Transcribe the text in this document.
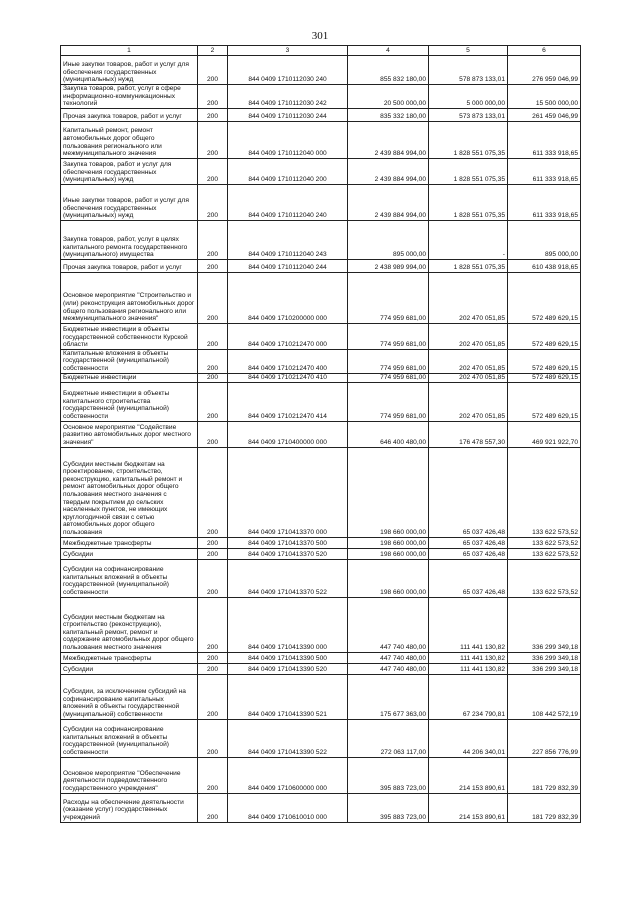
301
1	2	3	4	5	6
Иные закупки товаров, работ и услуг для обеспечения государственных (муниципальных) нужд	200	844 0409 1710112030 240	855 832 180,00	578 873 133,01	276 959 046,99
Закупка товаров, работ, услуг в сфере информационно-коммуникационных технологий	200	844 0409 1710112030 242	20 500 000,00	5 000 000,00	15 500 000,00
Прочая закупка товаров, работ и услуг	200	844 0409 1710112030 244	835 332 180,00	573 873 133,01	261 459 046,99
Капитальный ремонт, ремонт автомобильных дорог общего пользования регионального или межмуниципального значения	200	844 0409 1710112040 000	2 439 884 994,00	1 828 551 075,35	611 333 918,65
Закупка товаров, работ и услуг для обеспечения государственных (муниципальных) нужд	200	844 0409 1710112040 200	2 439 884 994,00	1 828 551 075,35	611 333 918,65
Иные закупки товаров, работ и услуг для обеспечения государственных (муниципальных) нужд	200	844 0409 1710112040 240	2 439 884 994,00	1 828 551 075,35	611 333 918,65
Закупка товаров, работ, услуг в целях капитального ремонта государственного (муниципального) имущества	200	844 0409 1710112040 243	895 000,00	-	895 000,00
Прочая закупка товаров, работ и услуг	200	844 0409 1710112040 244	2 438 989 994,00	1 828 551 075,35	610 438 918,65
Основное мероприятие "Строительство и (или) реконструкция автомобильных дорог общего пользования регионального или межмуниципального значения"	200	844 0409 1710200000 000	774 959 681,00	202 470 051,85	572 489 629,15
Бюджетные инвестиции в объекты государственной собственности Курской области	200	844 0409 1710212470 000	774 959 681,00	202 470 051,85	572 489 629,15
Капитальные вложения в объекты государственной (муниципальной) собственности	200	844 0409 1710212470 400	774 959 681,00	202 470 051,85	572 489 629,15
Бюджетные инвестиции	200	844 0409 1710212470 410	774 959 681,00	202 470 051,85	572 489 629,15
Бюджетные инвестиции в объекты капитального строительства государственной (муниципальной) собственности	200	844 0409 1710212470 414	774 959 681,00	202 470 051,85	572 489 629,15
Основное мероприятие "Содействие развитию автомобильных дорог местного значения"	200	844 0409 1710400000 000	646 400 480,00	176 478 557,30	469 921 922,70
Субсидии местным бюджетам на проектирование, строительство, реконструкцию, капитальный ремонт и ремонт автомобильных дорог общего пользования местного значения с твердым покрытием до сельских населенных пунктов, не имеющих круглогодичной связи с сетью автомобильных дорог общего пользования	200	844 0409 1710413370 000	198 660 000,00	65 037 426,48	133 622 573,52
Межбюджетные трансферты	200	844 0409 1710413370 500	198 660 000,00	65 037 426,48	133 622 573,52
Субсидии	200	844 0409 1710413370 520	198 660 000,00	65 037 426,48	133 622 573,52
Субсидии на софинансирование капитальных вложений в объекты государственной (муниципальной) собственности	200	844 0409 1710413370 522	198 660 000,00	65 037 426,48	133 622 573,52
Субсидии местным бюджетам на строительство (реконструкцию), капитальный ремонт, ремонт и содержание автомобильных дорог общего пользования местного значения	200	844 0409 1710413390 000	447 740 480,00	111 441 130,82	336 299 349,18
Межбюджетные трансферты	200	844 0409 1710413390 500	447 740 480,00	111 441 130,82	336 299 349,18
Субсидии	200	844 0409 1710413390 520	447 740 480,00	111 441 130,82	336 299 349,18
Субсидии, за исключением субсидий на софинансирование капитальных вложений в объекты государственной (муниципальной) собственности	200	844 0409 1710413390 521	175 677 363,00	67 234 790,81	108 442 572,19
Субсидии на софинансирование капитальных вложений в объекты государственной (муниципальной) собственности	200	844 0409 1710413390 522	272 063 117,00	44 206 340,01	227 856 776,99
Основное мероприятие "Обеспечение деятельности подведомственного государственного учреждения"	200	844 0409 1710600000 000	395 883 723,00	214 153 890,61	181 729 832,39
Расходы на обеспечение деятельности (оказание услуг) государственных учреждений	200	844 0409 1710610010 000	395 883 723,00	214 153 890,61	181 729 832,39
